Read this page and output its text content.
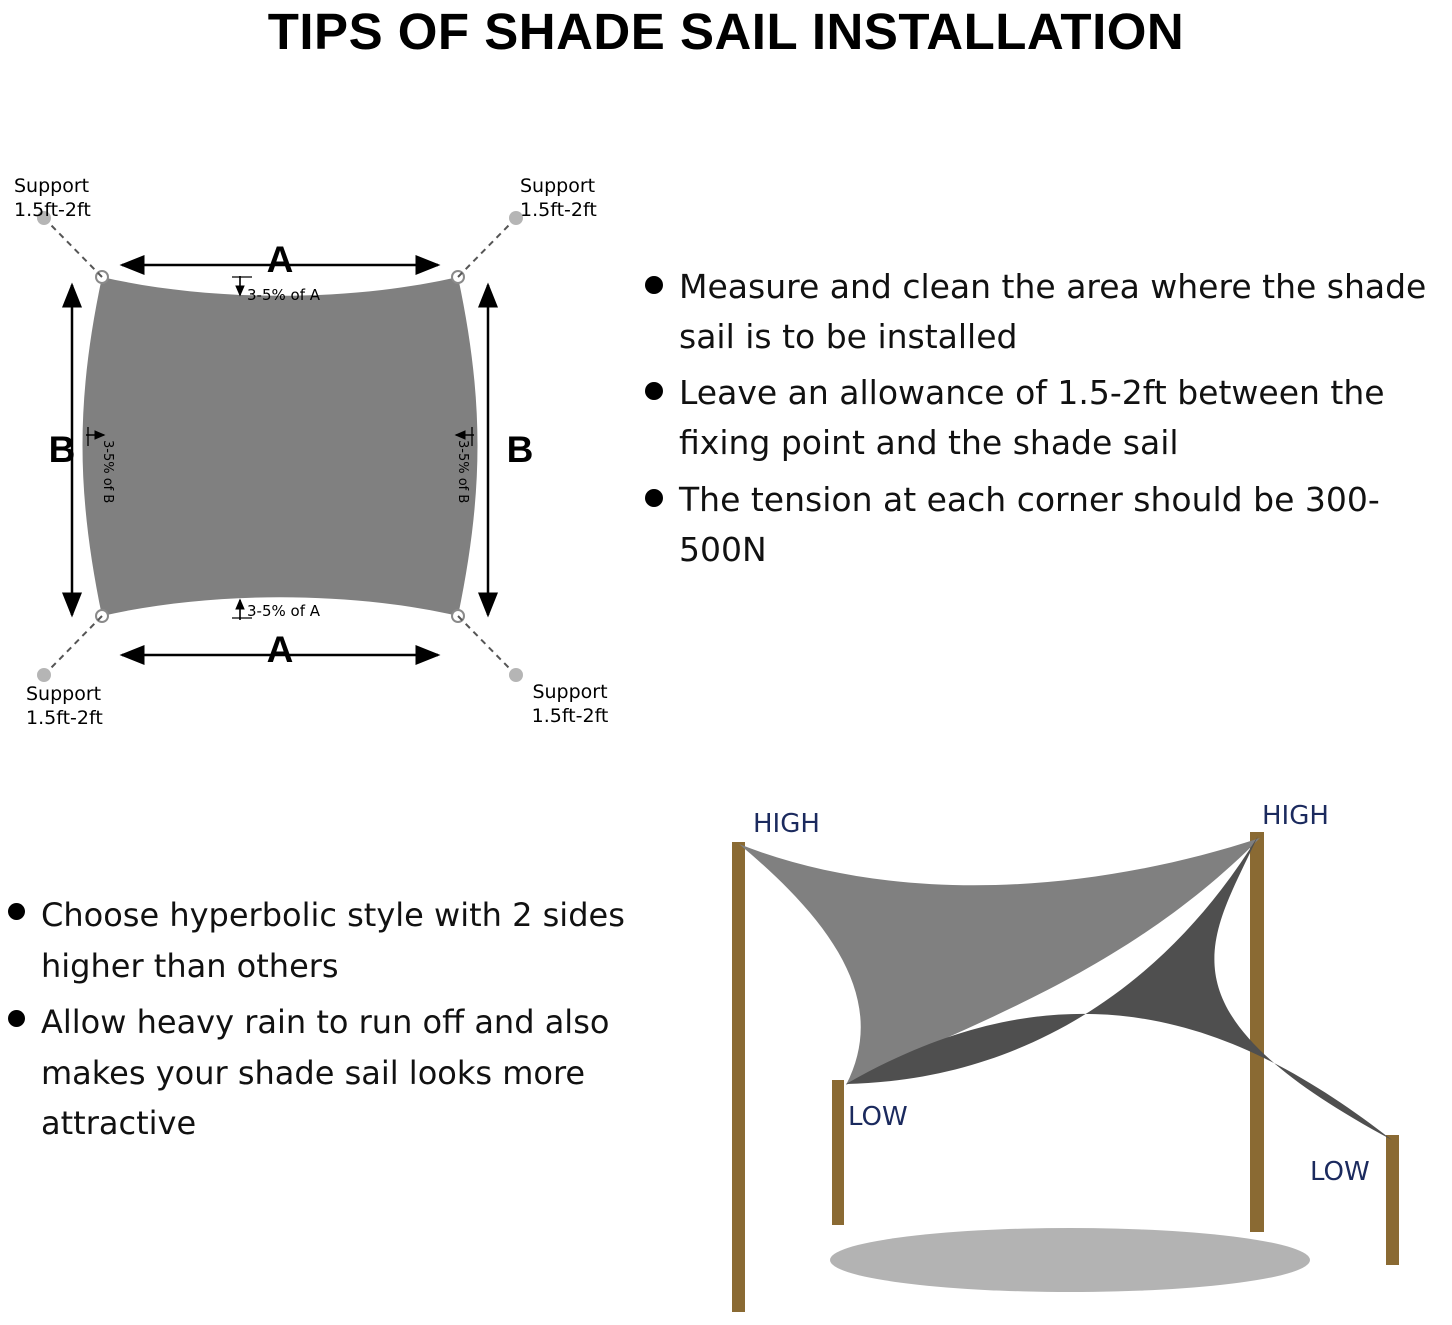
TIPS OF SHADE SAIL INSTALLATION
A
A
B	B
3-5% of A
3-5% of A
3-5% of B	3-5% of B
Support
1.5ft-2ft
Support
1.5ft-2ft
Support
1.5ft-2ft
Support
1.5ft-2ft
Measure and clean the area where the shade sail is to be installed
Leave an allowance of 1.5-2ft between the fixing point and the shade sail
The tension at each corner should be 300-500N
Choose hyperbolic style with 2 sides higher than others
Allow heavy rain to run off and also makes your shade sail looks more attractive
HIGH	HIGH
LOW
LOW
